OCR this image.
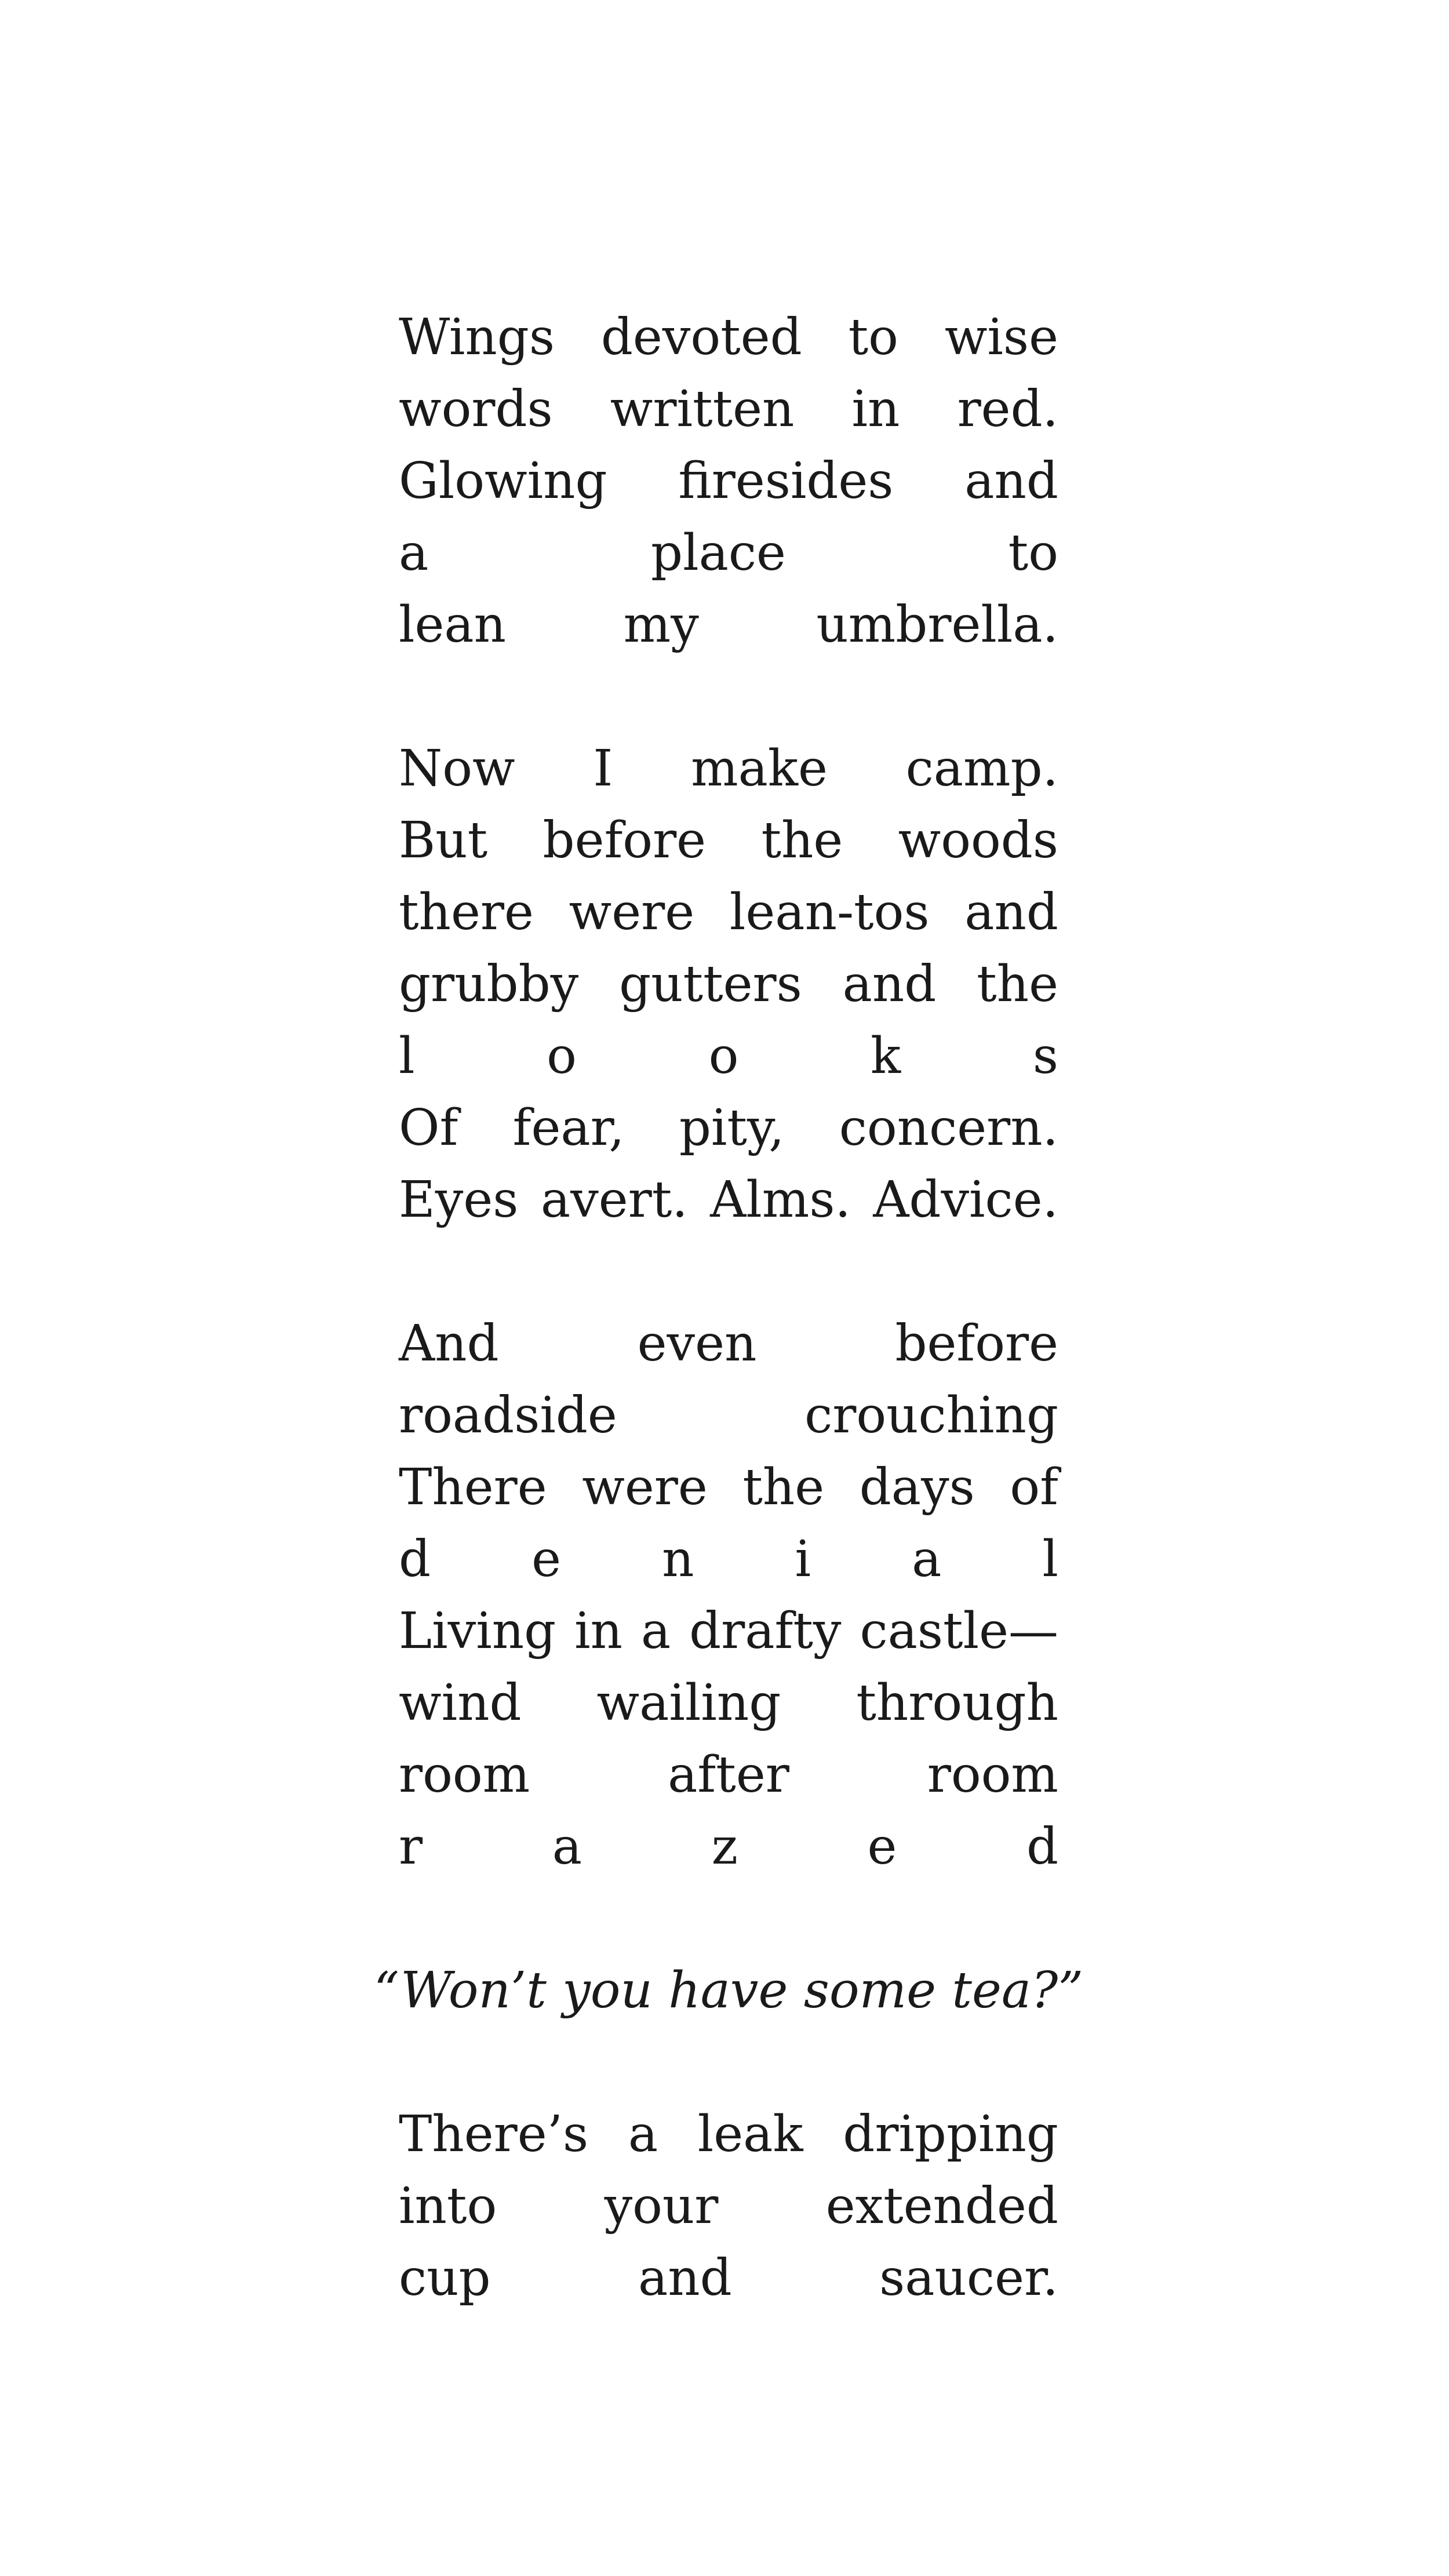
Wings devoted to wise
words written in red.
Glowing firesides and
a	place	to
lean my umbrella.
Now I make camp.
But before the woods
there were lean-tos and
grubby gutters and the
l	o	o	k	s
Of fear, pity, concern.
Eyes avert. Alms. Advice.
And	even	before
roadside	crouching
There were the days of
d e n i a l
Living in a drafty castle—
wind wailing through
room	after	room
r	a	z	e	d
“Won’t you have some tea?”
There’s a leak dripping
into your extended
cup	and	saucer.
